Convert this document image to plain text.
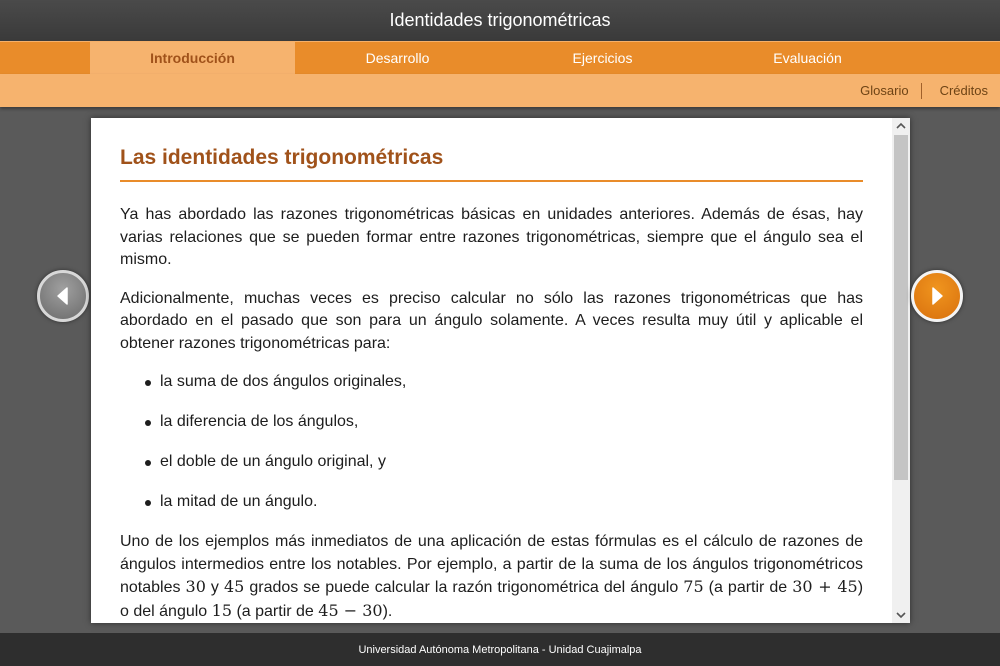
Identidades trigonométricas
Introducción	Desarrollo	Ejercicios	Evaluación
Glosario	Créditos
Las identidades trigonométricas

Ya has abordado las razones trigonométricas básicas en unidades anteriores. Además de ésas, hay varias relaciones que se pueden formar entre razones trigonométricas, siempre que el ángulo sea el mismo.

Adicionalmente, muchas veces es preciso calcular no sólo las razones trigonométricas que has abordado en el pasado que son para un ángulo solamente. A veces resulta muy útil y aplicable el obtener razones trigonométricas para:

la suma de dos ángulos originales,
la diferencia de los ángulos,
el doble de un ángulo original, y
la mitad de un ángulo.

Uno de los ejemplos más inmediatos de una aplicación de estas fórmulas es el cálculo de razones de ángulos intermedios entre los notables. Por ejemplo, a partir de la suma de los ángulos trigonométricos notables 30 y 45 grados se puede calcular la razón trigonométrica del ángulo 75 (a partir de 30 + 45) o del ángulo 15 (a partir de 45 − 30).

Universidad Autónoma Metropolitana - Unidad Cuajimalpa
